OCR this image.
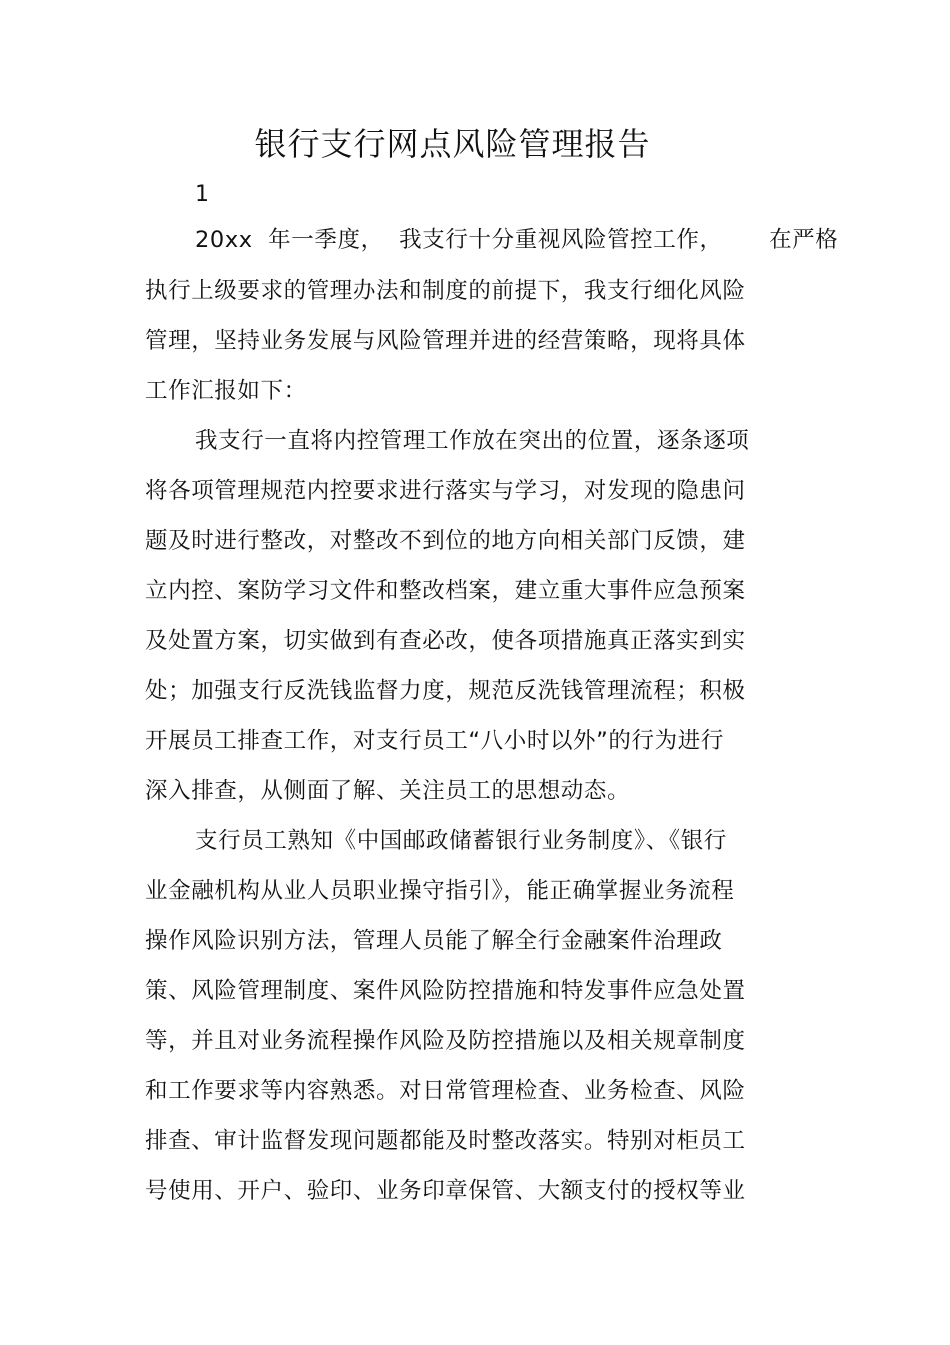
银行支行网点风险管理报告

1

20xx  年一季度，  我支行十分重视风险管控工作，      在严格

执行上级要求的管理办法和制度的前提下，我支行细化风险

管理，坚持业务发展与风险管理并进的经营策略，现将具体

工作汇报如下：

我支行一直将内控管理工作放在突出的位置，逐条逐项

将各项管理规范内控要求进行落实与学习，对发现的隐患问

题及时进行整改，对整改不到位的地方向相关部门反馈，建

立内控、案防学习文件和整改档案，建立重大事件应急预案

及处置方案，切实做到有查必改，使各项措施真正落实到实

处；加强支行反洗钱监督力度，规范反洗钱管理流程；积极

开展员工排查工作，对支行员工“八小时以外”的行为进行

深入排查，从侧面了解、关注员工的思想动态。

支行员工熟知《中国邮政储蓄银行业务制度》、《银行

业金融机构从业人员职业操守指引》，能正确掌握业务流程

操作风险识别方法，管理人员能了解全行金融案件治理政

策、风险管理制度、案件风险防控措施和特发事件应急处置

等，并且对业务流程操作风险及防控措施以及相关规章制度

和工作要求等内容熟悉。对日常管理检查、业务检查、风险

排查、审计监督发现问题都能及时整改落实。特别对柜员工

号使用、开户、验印、业务印章保管、大额支付的授权等业
